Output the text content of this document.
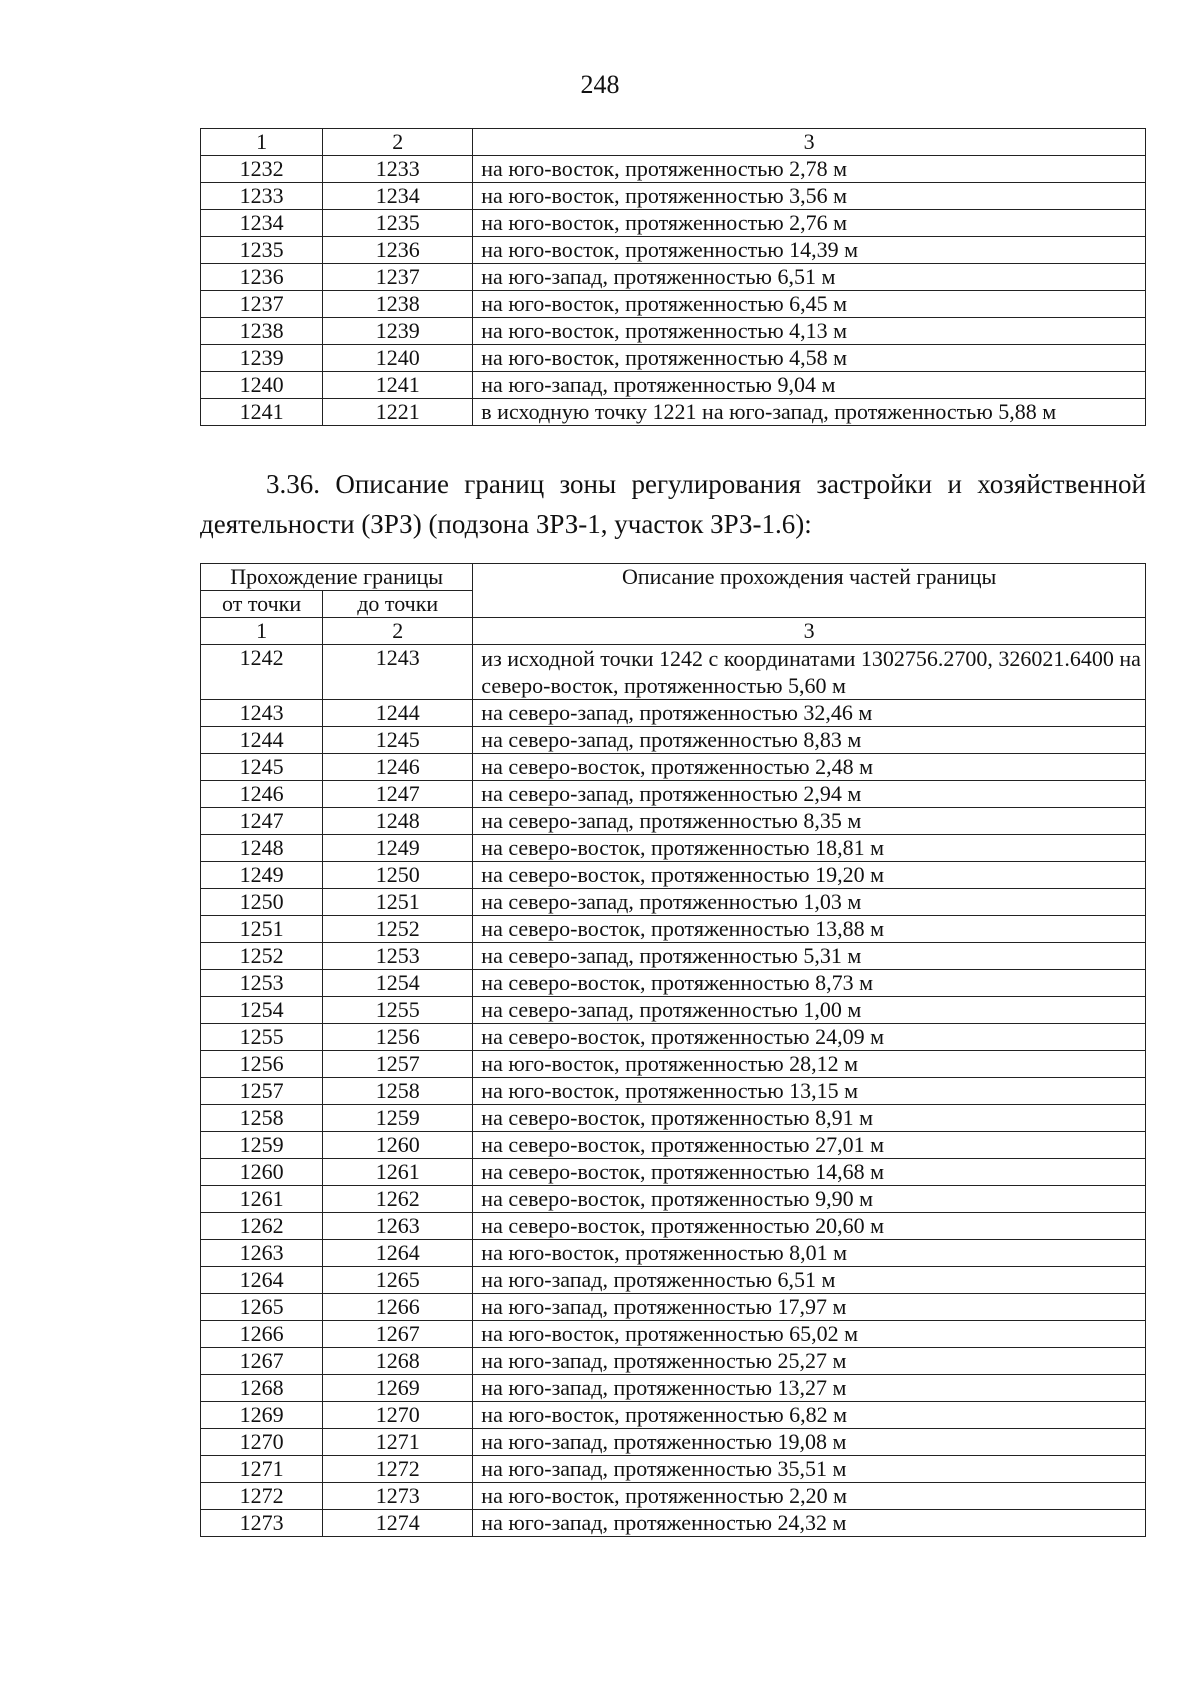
248
1	2	3
1232	1233	на юго-восток, протяженностью 2,78 м
1233	1234	на юго-восток, протяженностью 3,56 м
1234	1235	на юго-восток, протяженностью 2,76 м
1235	1236	на юго-восток, протяженностью 14,39 м
1236	1237	на юго-запад, протяженностью 6,51 м
1237	1238	на юго-восток, протяженностью 6,45 м
1238	1239	на юго-восток, протяженностью 4,13 м
1239	1240	на юго-восток, протяженностью 4,58 м
1240	1241	на юго-запад, протяженностью 9,04 м
1241	1221	в исходную точку 1221 на юго-запад, протяженностью 5,88 м
3.36. Описание границ зоны регулирования застройки и хозяйственной деятельности (ЗРЗ) (подзона ЗРЗ-1, участок ЗРЗ-1.6):
Прохождение границы		Описание прохождения частей границы
от точки	до точки	
1	2	3
1242	1243	из исходной точки 1242 с координатами 1302756.2700, 326021.6400 на северо-восток, протяженностью 5,60 м
1243	1244	на северо-запад, протяженностью 32,46 м
1244	1245	на северо-запад, протяженностью 8,83 м
1245	1246	на северо-восток, протяженностью 2,48 м
1246	1247	на северо-запад, протяженностью 2,94 м
1247	1248	на северо-запад, протяженностью 8,35 м
1248	1249	на северо-восток, протяженностью 18,81 м
1249	1250	на северо-восток, протяженностью 19,20 м
1250	1251	на северо-запад, протяженностью 1,03 м
1251	1252	на северо-восток, протяженностью 13,88 м
1252	1253	на северо-запад, протяженностью 5,31 м
1253	1254	на северо-восток, протяженностью 8,73 м
1254	1255	на северо-запад, протяженностью 1,00 м
1255	1256	на северо-восток, протяженностью 24,09 м
1256	1257	на юго-восток, протяженностью 28,12 м
1257	1258	на юго-восток, протяженностью 13,15 м
1258	1259	на северо-восток, протяженностью 8,91 м
1259	1260	на северо-восток, протяженностью 27,01 м
1260	1261	на северо-восток, протяженностью 14,68 м
1261	1262	на северо-восток, протяженностью 9,90 м
1262	1263	на северо-восток, протяженностью 20,60 м
1263	1264	на юго-восток, протяженностью 8,01 м
1264	1265	на юго-запад, протяженностью 6,51 м
1265	1266	на юго-запад, протяженностью 17,97 м
1266	1267	на юго-восток, протяженностью 65,02 м
1267	1268	на юго-запад, протяженностью 25,27 м
1268	1269	на юго-запад, протяженностью 13,27 м
1269	1270	на юго-восток, протяженностью 6,82 м
1270	1271	на юго-запад, протяженностью 19,08 м
1271	1272	на юго-запад, протяженностью 35,51 м
1272	1273	на юго-восток, протяженностью 2,20 м
1273	1274	на юго-запад, протяженностью 24,32 м
